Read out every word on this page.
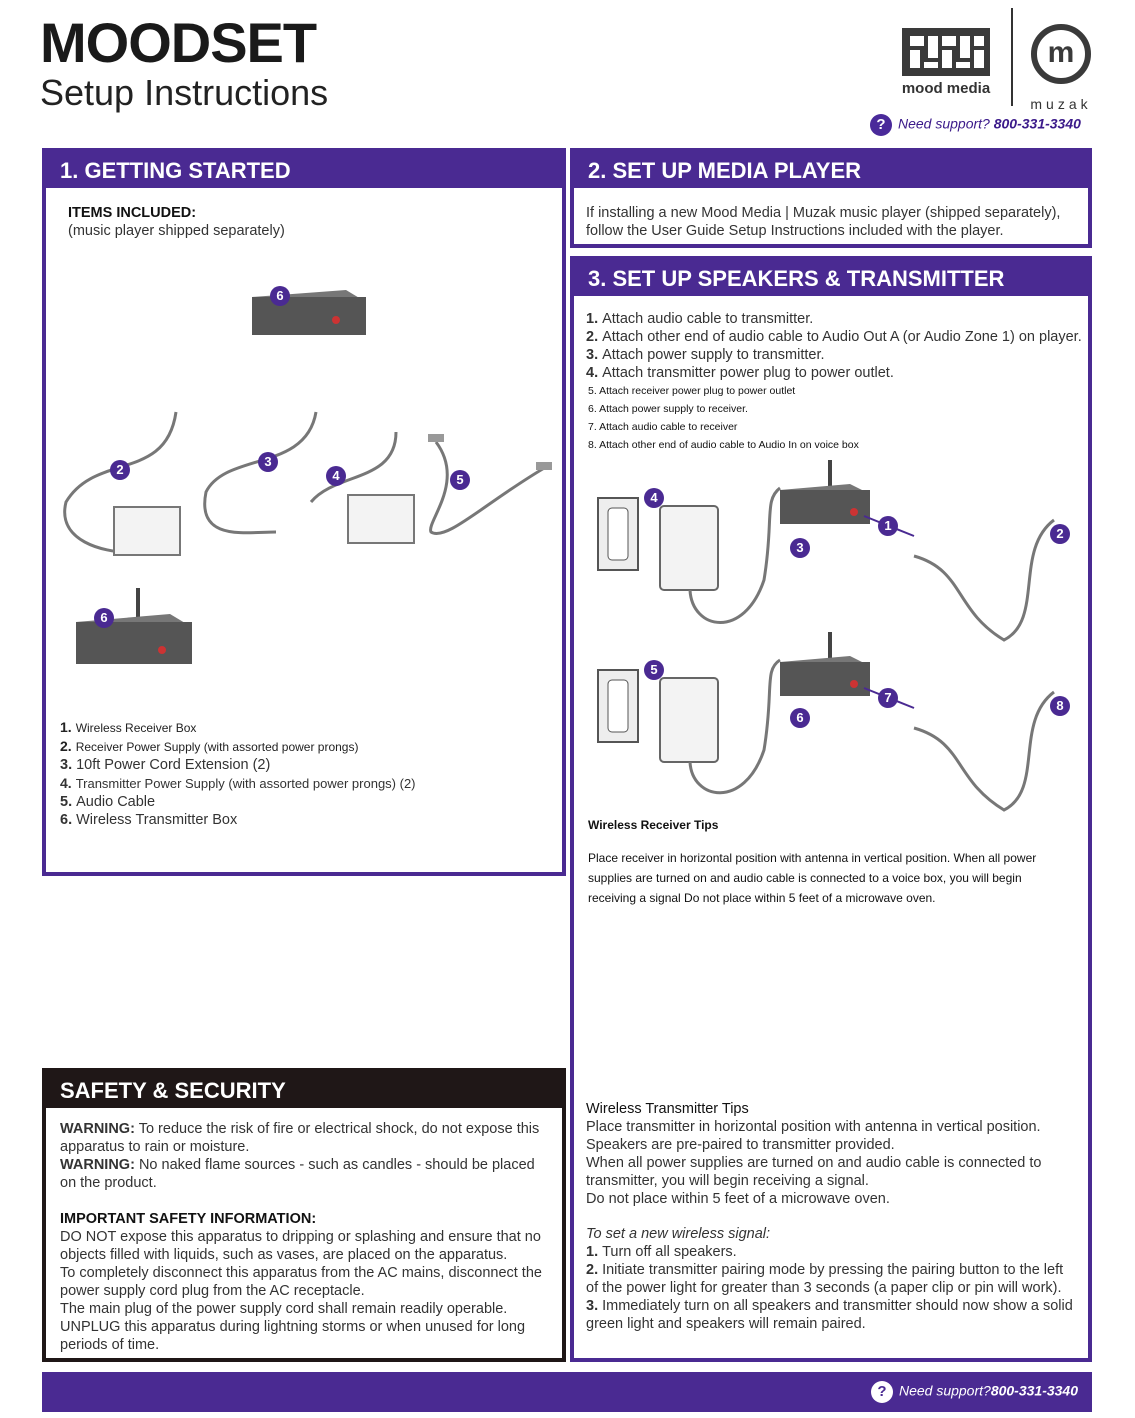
MOODSET
Setup Instructions	mood media
m
muzak
? Need support? 800-331-3340
1. GETTING STARTED
ITEMS INCLUDED:
(music player shipped separately)
6
2
3
4	5
6
1. Wireless Receiver Box
2. Receiver Power Supply (with assorted power prongs)
3. 10ft Power Cord Extension (2)
4. Transmitter Power Supply (with assorted power prongs) (2)
5. Audio Cable
6. Wireless Transmitter Box
2. SET UP MEDIA PLAYER
If installing a new Mood Media | Muzak music player (shipped separately), follow the User Guide Setup Instructions included with the player.
3. SET UP SPEAKERS & TRANSMITTER
1. Attach audio cable to transmitter.
2. Attach other end of audio cable to Audio Out A (or Audio Zone 1) on player.
3. Attach power supply to transmitter.
4. Attach transmitter power plug to power outlet.
5. Attach receiver power plug to power outlet
6. Attach power supply to receiver.
7. Attach audio cable to receiver
8. Attach other end of audio cable to Audio In on voice box
4
1
3
2
5
7
6
8
Wireless Receiver Tips
Place receiver in horizontal position with antenna in vertical position. When all power supplies are turned on and audio cable is connected to a voice box, you will begin receiving a signal Do not place within 5 feet of a microwave oven.
Wireless Transmitter Tips
Place transmitter in horizontal position with antenna in vertical position.
Speakers are pre-paired to transmitter provided.
When all power supplies are turned on and audio cable is connected to transmitter, you will begin receiving a signal.
Do not place within 5 feet of a microwave oven.
To set a new wireless signal:
1. Turn off all speakers.
2. Initiate transmitter pairing mode by pressing the pairing button to the left of the power light for greater than 3 seconds (a paper clip or pin will work).
3. Immediately turn on all speakers and transmitter should now show a solid green light and speakers will remain paired.
SAFETY & SECURITY
WARNING: To reduce the risk of fire or electrical shock, do not expose this apparatus to rain or moisture.
WARNING: No naked flame sources - such as candles - should be placed on the product.
IMPORTANT SAFETY INFORMATION:
DO NOT expose this apparatus to dripping or splashing and ensure that no objects filled with liquids, such as vases, are placed on the apparatus.
To completely disconnect this apparatus from the AC mains, disconnect the power supply cord plug from the AC receptacle.
The main plug of the power supply cord shall remain readily operable.
UNPLUG this apparatus during lightning storms or when unused for long periods of time.
? Need support?800-331-3340
